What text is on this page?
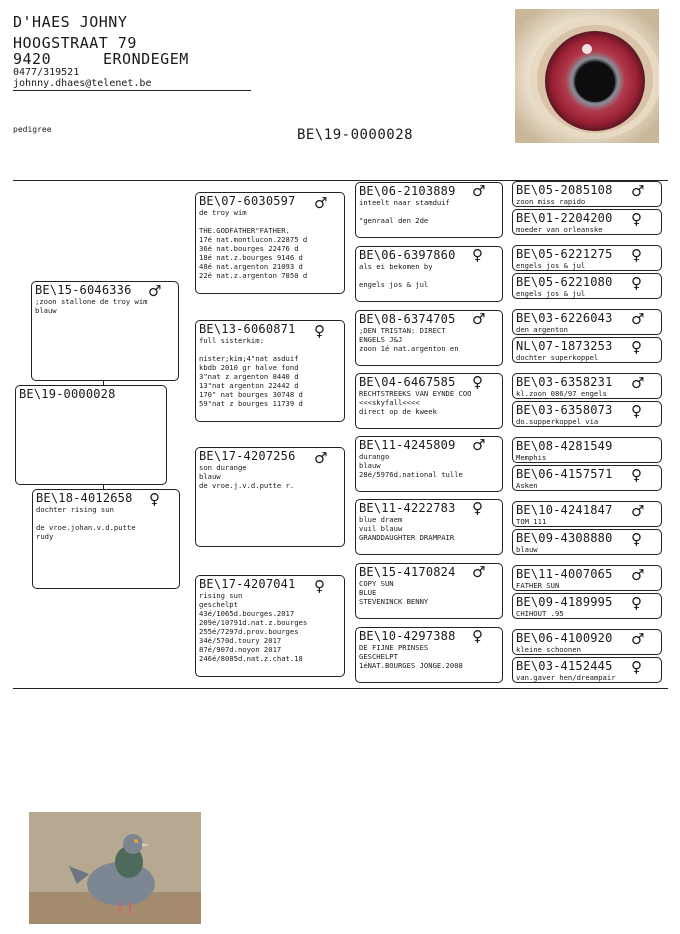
D'HAES JOHNY
HOOGSTRAAT 79
9420	ERONDEGEM
0477/319521
johnny.dhaes@telenet.be
pedigree	BE\19-0000028
BE\19-0000028
BE\15-6046336
;zoon stallone de troy wim
blauw
♂
BE\18-4012658
dochter rising sun

de vroe.johan.v.d.putte
rudy
♀
BE\07-6030597
de troy wim

THE.GODFATHER"FATHER.
17é nat.montlucon.22875 d
36é nat.bourges 22476 d
18é nat.z.bourges 9146 d
48é nat.argenton 21093 d
22é nat.z.argenton 7850 d
♂
BE\13-6060871
full sisterkim:

nister;kim;4"nat asduif
kbdb 2010 gr halve fond
3"nat z argenton 8440 d
13"nat argenton 22442 d
170" nat bourges 30748 d
59"nat z bourges 11739 d
♀
BE\17-4207256
son durange
blauw
de vroe.j.v.d.putte r.
♂
BE\17-4207041
rising sun
geschelpt
43é/1065d.bourges.2017
209é/10791d.nat.z.bourges
255é/7297d.prov.bourges
34é/570d.toury 2017
87é/907d.noyon 2017
246é/8085d.nat.z.chat.18
♀
BE\06-2103889
inteelt naar stamduif

"genraal den 2de
♂
BE\06-6397860
als ei bekomen by

engels jos & jul
♀
BE\08-6374705
;DEN TRISTAN: DIRECT
ENGELS J&J
zoon 1é nat.argenton en
♂
BE\04-6467585
RECHTSTREEKS VAN EYNDE COO
<<<skyfall<<<<
direct op de kweek
♀
BE\11-4245809
durango
blauw
28é/5976d.national tulle
♂
BE\11-4222783
blue draem
vuil blauw
GRANDDAUGHTER DRAMPAIR
♀
BE\15-4170824
COPY SUN
BLUE
STEVENINCK BENNY
♂
BE\10-4297388
DE FIJNE PRINSES
GESCHELPT
1éNAT.BOURGES JONGE.2008
♀
BE\05-2085108
zoon miss rapido
♂
BE\01-2204200
moeder van orleanske
♀
BE\05-6221275
engels jos & jul
♀
BE\05-6221080
engels jos & jul
♀
BE\03-6226043
den argenton
♂
NL\07-1873253
dochter superkoppel
♀
BE\03-6358231
kl.zoon 086/97 engels
♂
BE\03-6358073
do.supperkoppel via
♀
BE\08-4281549
Memphis
BE\06-4157571
Asken
♀
BE\10-4241847
TOM 111
♂
BE\09-4308880
blauw
♀
BE\11-4007065
FATHER SUN
♂
BE\09-4189995
CHIHOUT .95
♀
BE\06-4100920
kleine schoonen
♂
BE\03-4152445
van.gaver hen/dreampair
♀
